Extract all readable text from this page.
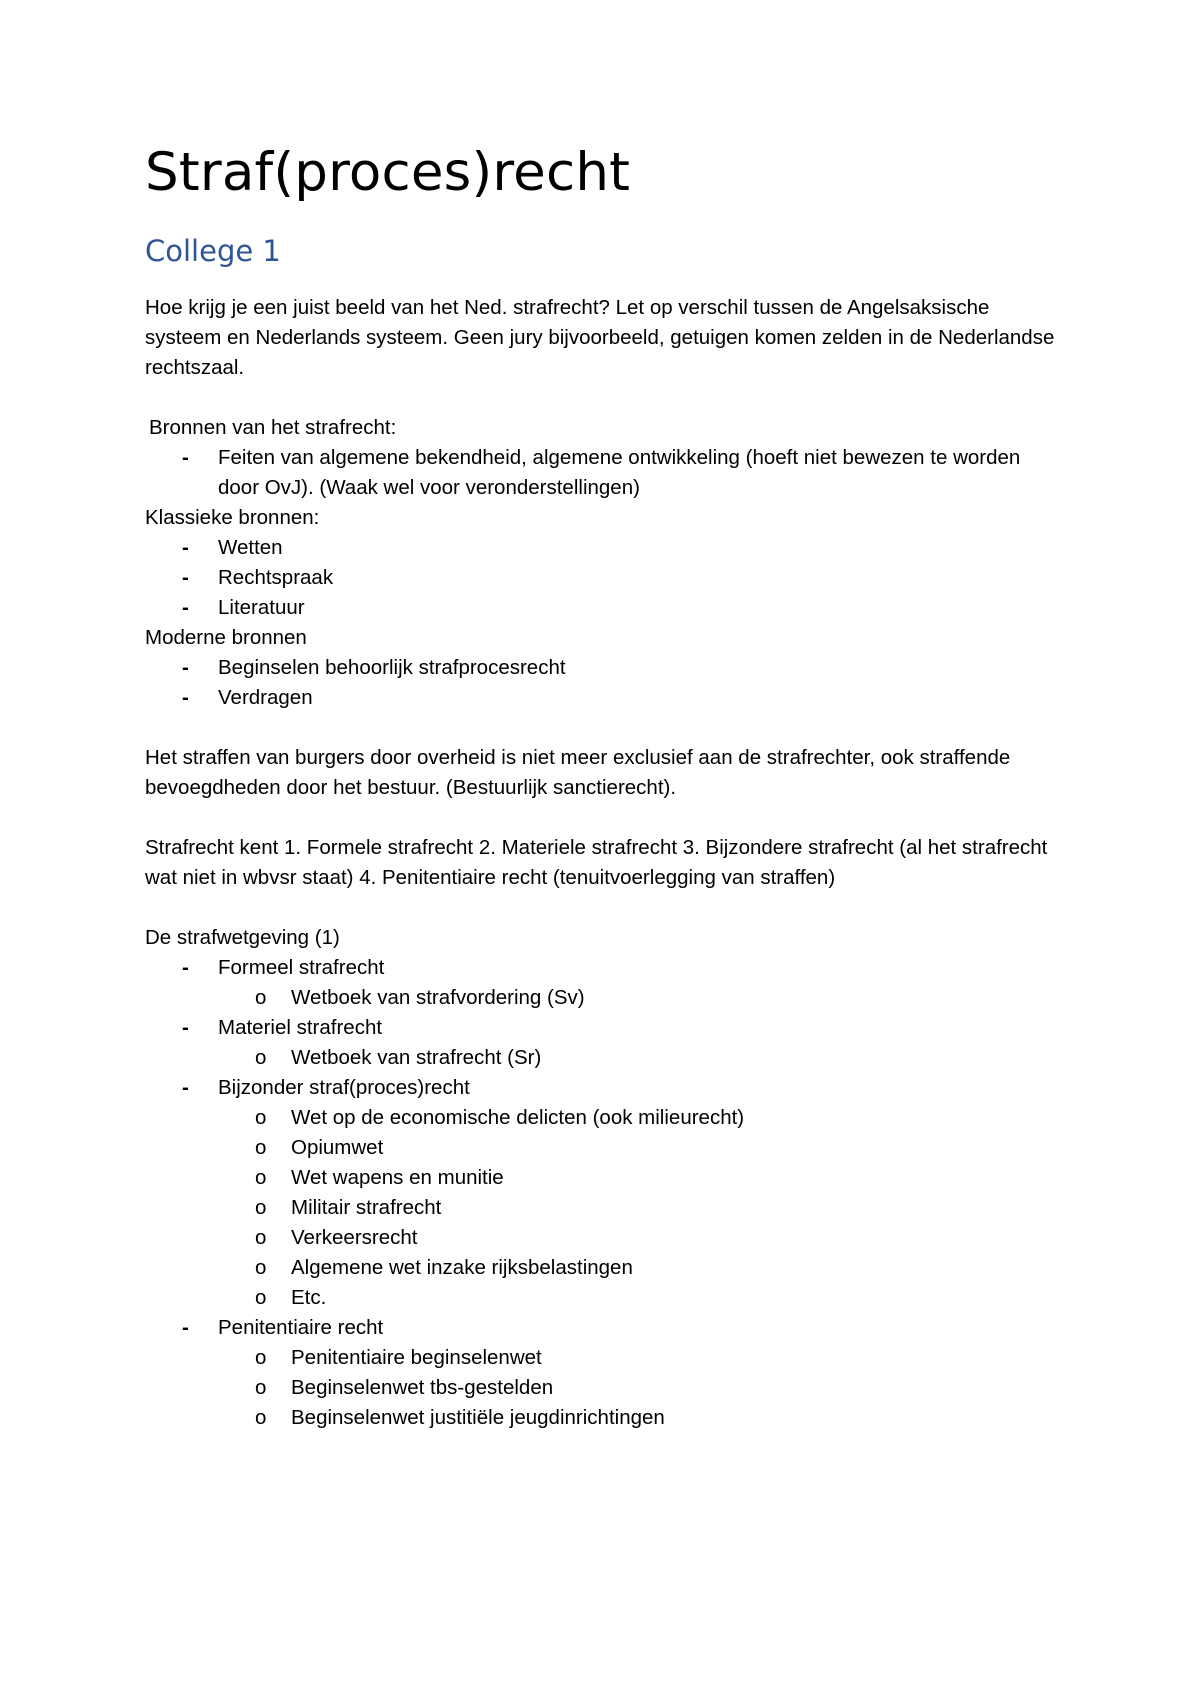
Straf(proces)recht
College 1

Hoe krijg je een juist beeld van het Ned. strafrecht? Let op verschil tussen de Angelsaksische systeem en Nederlands systeem. Geen jury bijvoorbeeld, getuigen komen zelden in de Nederlandse rechtszaal.

Bronnen van het strafrecht:

- Feiten van algemene bekendheid, algemene ontwikkeling (hoeft niet bewezen te worden door OvJ). (Waak wel voor veronderstellingen)

Klassieke bronnen:

- Wetten
- Rechtspraak
- Literatuur

Moderne bronnen

- Beginselen behoorlijk strafprocesrecht
- Verdragen

Het straffen van burgers door overheid is niet meer exclusief aan de strafrechter, ook straffende bevoegdheden door het bestuur. (Bestuurlijk sanctierecht).

Strafrecht kent 1. Formele strafrecht 2. Materiele strafrecht 3. Bijzondere strafrecht (al het strafrecht wat niet in wbvsr staat) 4. Penitentiaire recht (tenuitvoerlegging van straffen)

De strafwetgeving (1)

- Formeel strafrecht
o Wetboek van strafvordering (Sv)
- Materiel strafrecht
o Wetboek van strafrecht (Sr)
- Bijzonder straf(proces)recht
o Wet op de economische delicten (ook milieurecht)
o Opiumwet
o Wet wapens en munitie
o Militair strafrecht
o Verkeersrecht
o Algemene wet inzake rijksbelastingen
o Etc.
- Penitentiaire recht
o Penitentiaire beginselenwet
o Beginselenwet tbs-gestelden
o Beginselenwet justitiële jeugdinrichtingen
